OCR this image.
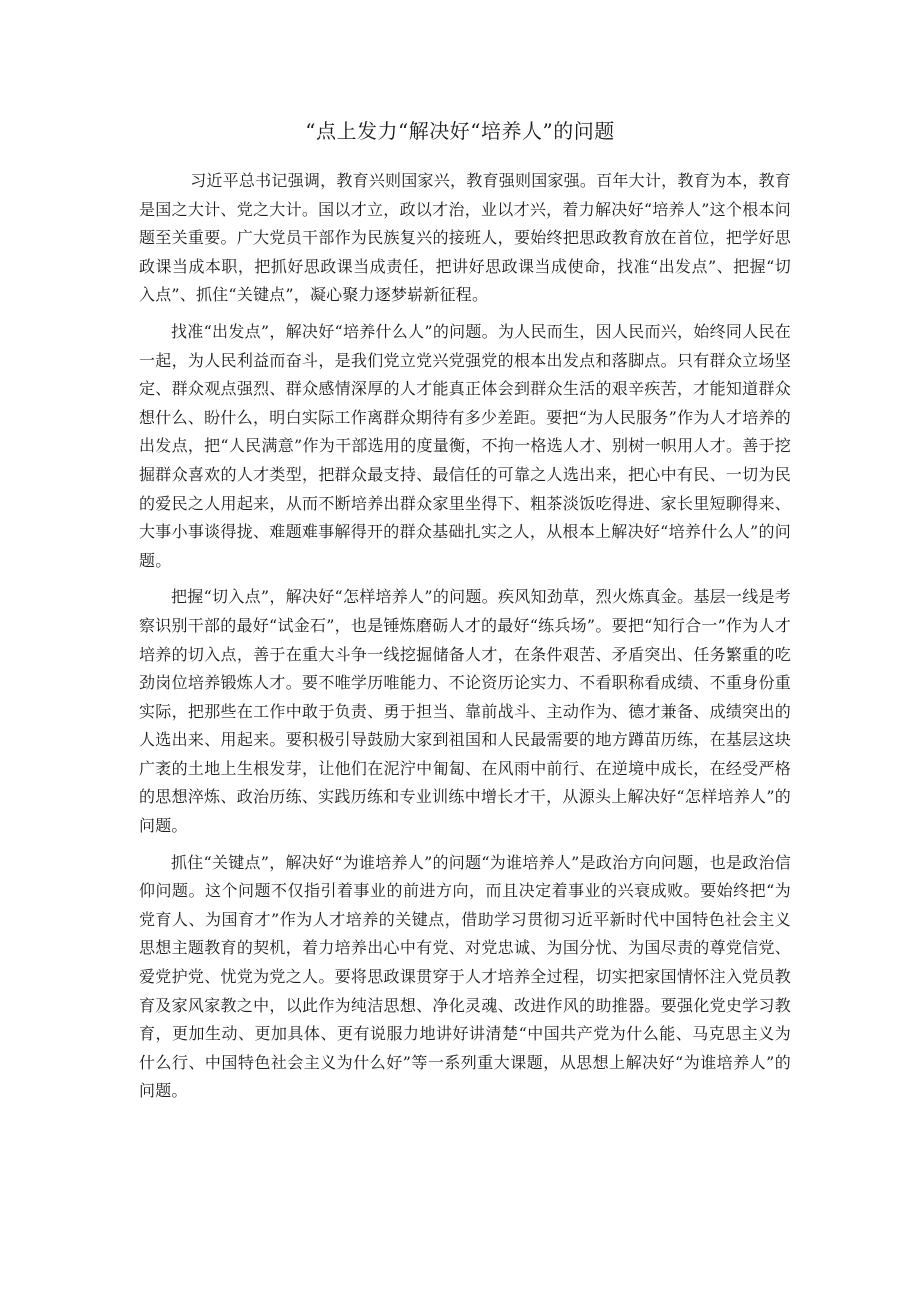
“点上发力“解决好“培养人”的问题

习近平总书记强调，教育兴则国家兴，教育强则国家强。百年大计，教育为本，教育是国之大计、党之大计。国以才立，政以才治，业以才兴，着力解决好“培养人”这个根本问题至关重要。广大党员干部作为民族复兴的接班人，要始终把思政教育放在首位，把学好思政课当成本职，把抓好思政课当成责任，把讲好思政课当成使命，找准“出发点”、把握“切入点”、抓住“关键点”，凝心聚力逐梦崭新征程。

找准“出发点”，解决好“培养什么人”的问题。为人民而生，因人民而兴，始终同人民在一起，为人民利益而奋斗，是我们党立党兴党强党的根本出发点和落脚点。只有群众立场坚定、群众观点强烈、群众感情深厚的人才能真正体会到群众生活的艰辛疾苦，才能知道群众想什么、盼什么，明白实际工作离群众期待有多少差距。要把“为人民服务”作为人才培养的出发点，把“人民满意”作为干部选用的度量衡，不拘一格选人才、别树一帜用人才。善于挖掘群众喜欢的人才类型，把群众最支持、最信任的可靠之人选出来，把心中有民、一切为民的爱民之人用起来，从而不断培养出群众家里坐得下、粗茶淡饭吃得进、家长里短聊得来、大事小事谈得拢、难题难事解得开的群众基础扎实之人，从根本上解决好“培养什么人”的问题。

把握“切入点”，解决好“怎样培养人”的问题。疾风知劲草，烈火炼真金。基层一线是考察识别干部的最好“试金石”，也是锤炼磨砺人才的最好“练兵场”。要把“知行合一”作为人才培养的切入点，善于在重大斗争一线挖掘储备人才，在条件艰苦、矛盾突出、任务繁重的吃劲岗位培养锻炼人才。要不唯学历唯能力、不论资历论实力、不看职称看成绩、不重身份重实际，把那些在工作中敢于负责、勇于担当、靠前战斗、主动作为、德才兼备、成绩突出的人选出来、用起来。要积极引导鼓励大家到祖国和人民最需要的地方蹲苗历练，在基层这块广袤的土地上生根发芽，让他们在泥泞中匍匐、在风雨中前行、在逆境中成长，在经受严格的思想淬炼、政治历练、实践历练和专业训练中增长才干，从源头上解决好“怎样培养人”的问题。

抓住“关键点”，解决好“为谁培养人”的问题“为谁培养人”是政治方向问题，也是政治信仰问题。这个问题不仅指引着事业的前进方向，而且决定着事业的兴衰成败。要始终把“为党育人、为国育才”作为人才培养的关键点，借助学习贯彻习近平新时代中国特色社会主义思想主题教育的契机，着力培养出心中有党、对党忠诚、为国分忧、为国尽责的尊党信党、爱党护党、忧党为党之人。要将思政课贯穿于人才培养全过程，切实把家国情怀注入党员教育及家风家教之中，以此作为纯洁思想、净化灵魂、改进作风的助推器。要强化党史学习教育，更加生动、更加具体、更有说服力地讲好讲清楚“中国共产党为什么能、马克思主义为什么行、中国特色社会主义为什么好”等一系列重大课题，从思想上解决好“为谁培养人”的问题。
